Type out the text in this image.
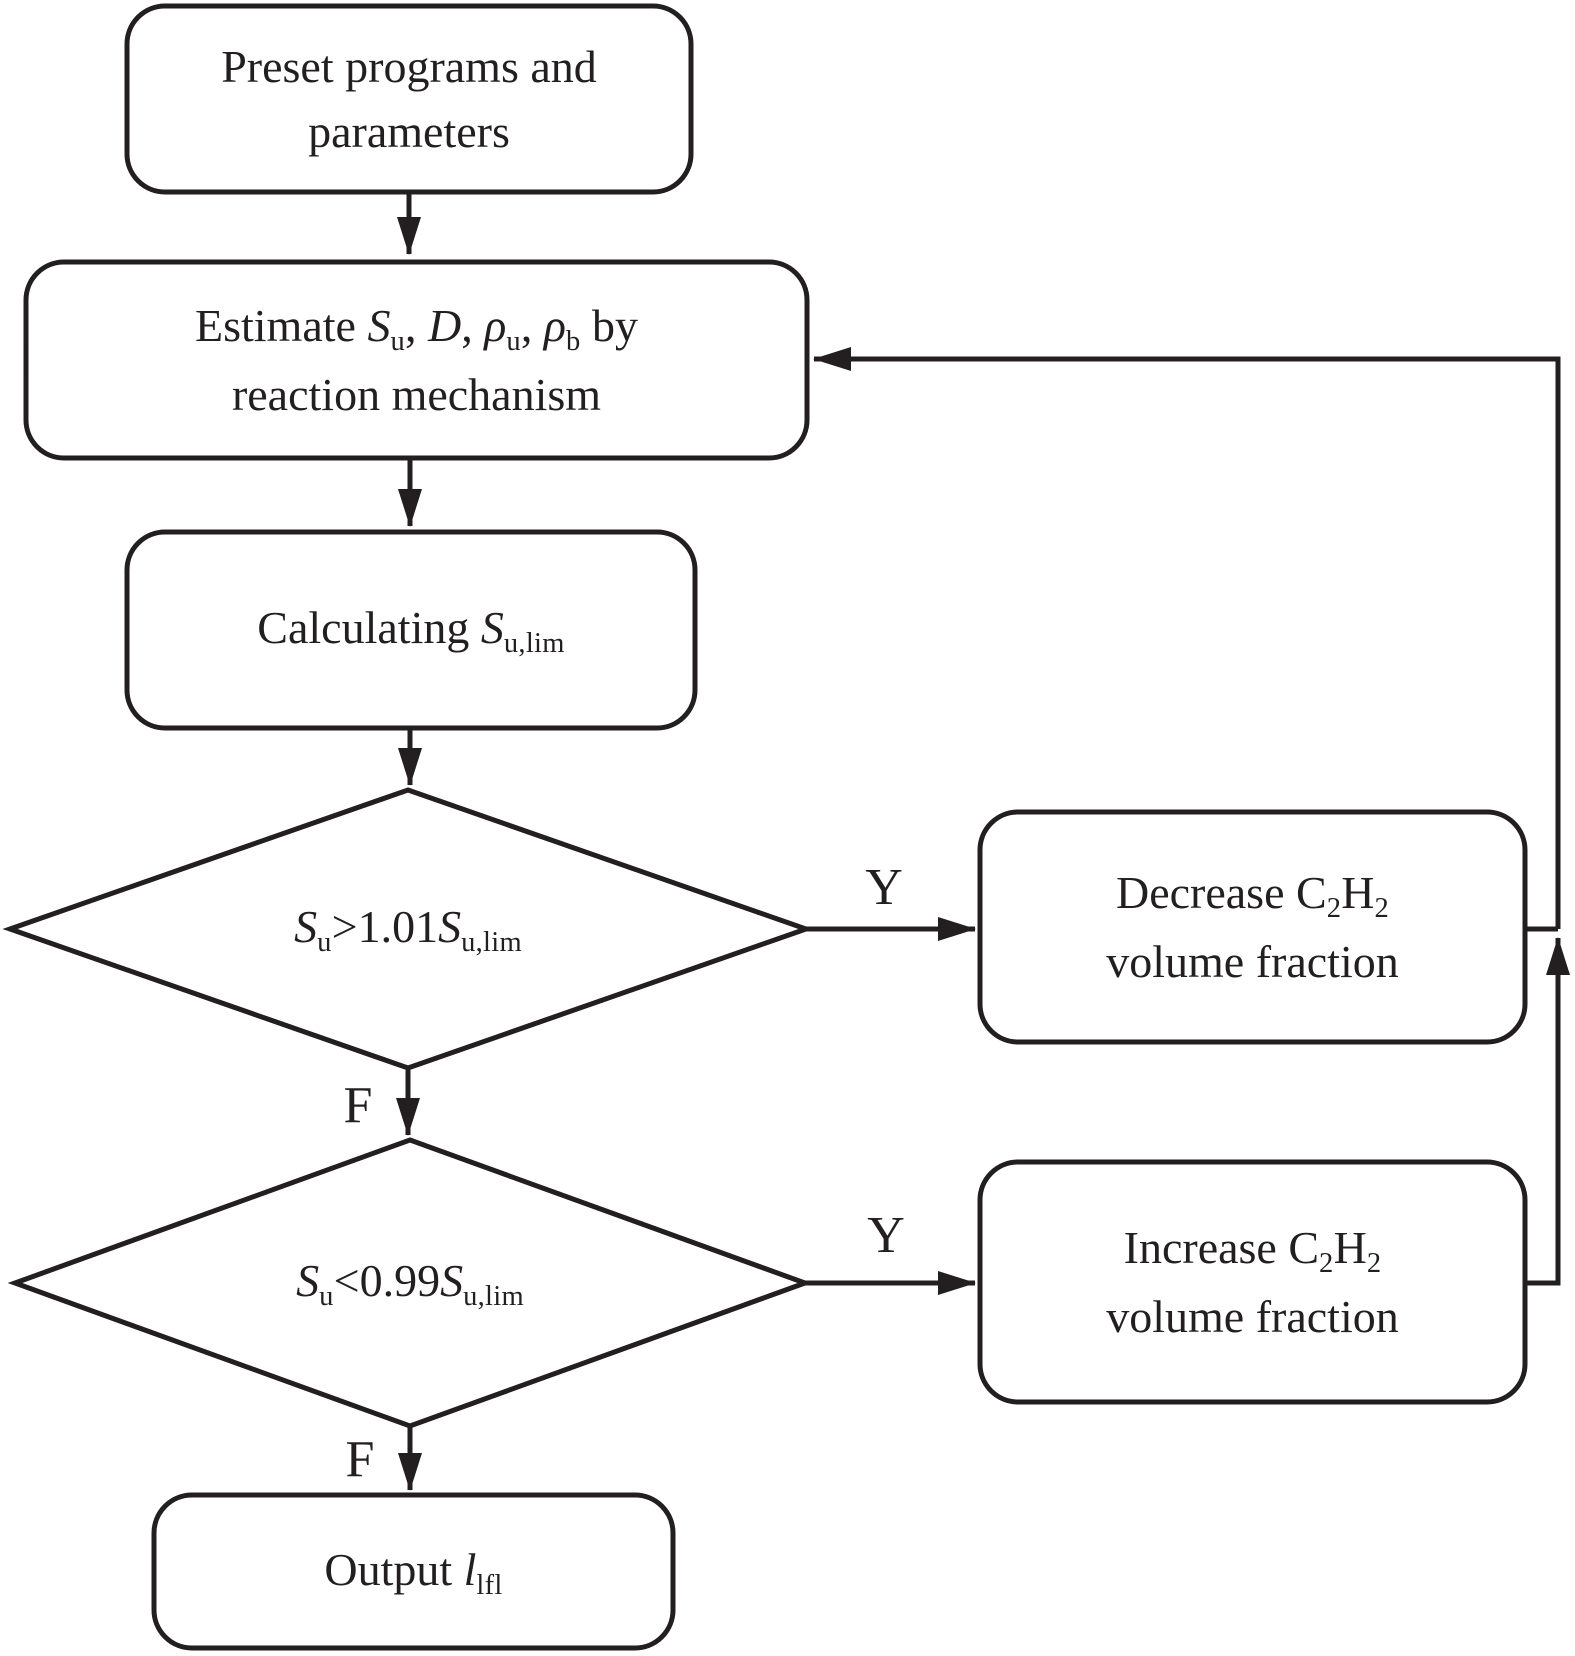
Preset programs and
parameters
Estimate Su, D, ρu, ρb by
reaction mechanism
Calculating Su,lim
Su>1.01Su,lim
Decrease C2H2
volume fraction
Su<0.99Su,lim
Increase C2H2
volume fraction
Output llfl
Y
F
Y
F
